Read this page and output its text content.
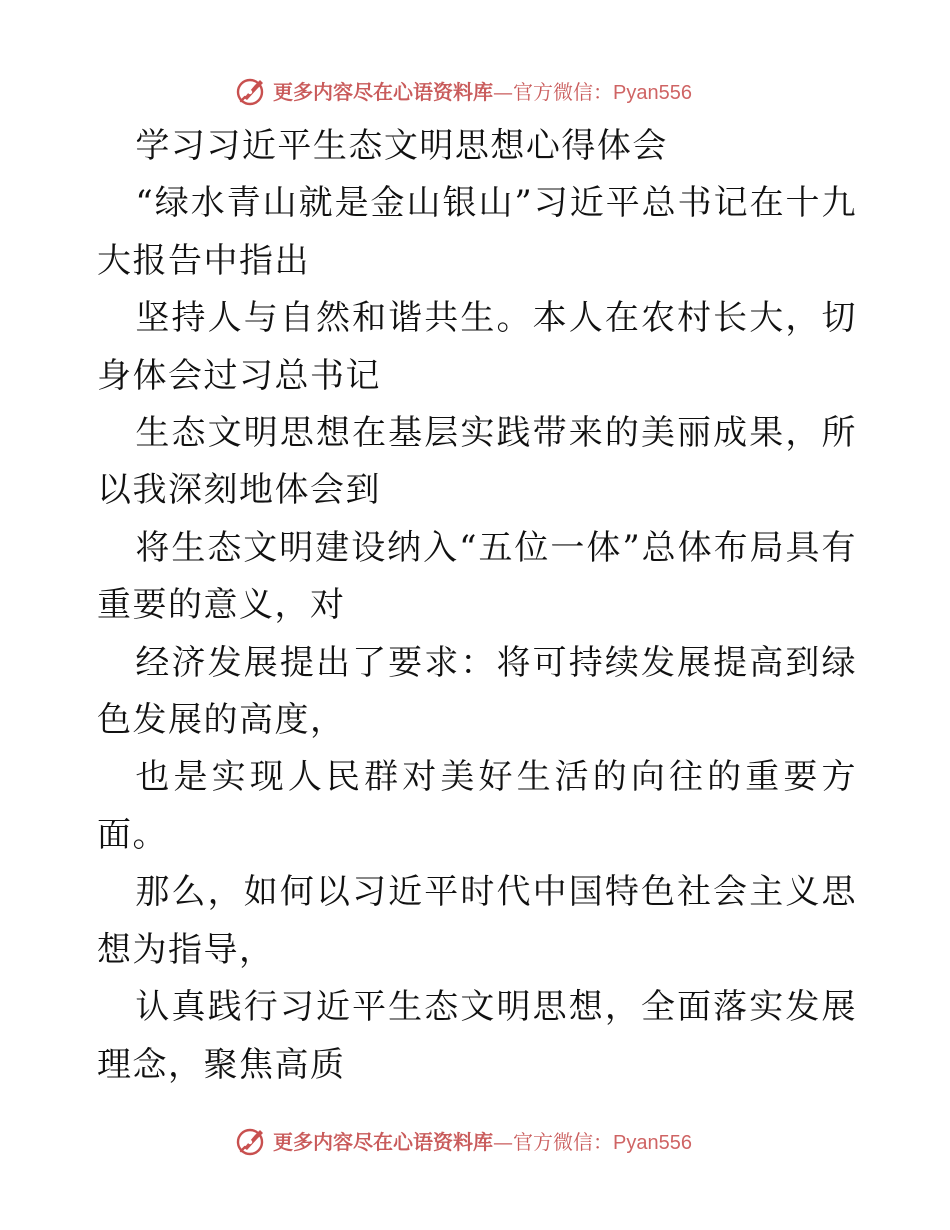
更多内容尽在心语资料库—官方微信：Pyan556

学习习近平生态文明思想心得体会

“绿水青山就是金山银山”习近平总书记在十九大报告中指出

坚持人与自然和谐共生。本人在农村长大，切身体会过习总书记

生态文明思想在基层实践带来的美丽成果，所以我深刻地体会到

将生态文明建设纳入“五位一体”总体布局具有重要的意义，对

经济发展提出了要求：将可持续发展提高到绿色发展的高度，

也是实现人民群对美好生活的向往的重要方面。

那么，如何以习近平时代中国特色社会主义思想为指导，

认真践行习近平生态文明思想，全面落实发展理念，聚焦高质

更多内容尽在心语资料库—官方微信：Pyan556
